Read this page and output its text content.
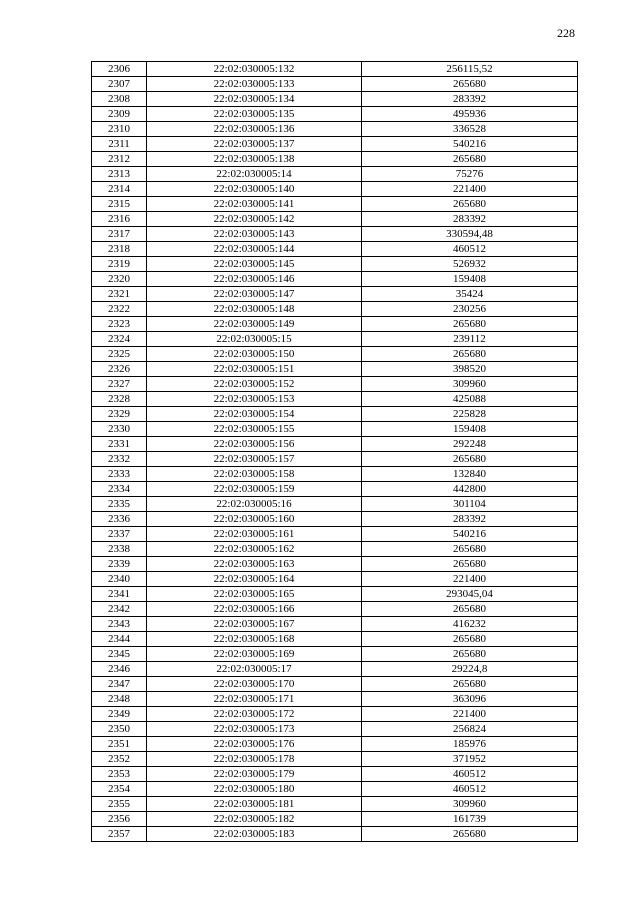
228
2306	22:02:030005:132	256115,52
2307	22:02:030005:133	265680
2308	22:02:030005:134	283392
2309	22:02:030005:135	495936
2310	22:02:030005:136	336528
2311	22:02:030005:137	540216
2312	22:02:030005:138	265680
2313	22:02:030005:14	75276
2314	22:02:030005:140	221400
2315	22:02:030005:141	265680
2316	22:02:030005:142	283392
2317	22:02:030005:143	330594,48
2318	22:02:030005:144	460512
2319	22:02:030005:145	526932
2320	22:02:030005:146	159408
2321	22:02:030005:147	35424
2322	22:02:030005:148	230256
2323	22:02:030005:149	265680
2324	22:02:030005:15	239112
2325	22:02:030005:150	265680
2326	22:02:030005:151	398520
2327	22:02:030005:152	309960
2328	22:02:030005:153	425088
2329	22:02:030005:154	225828
2330	22:02:030005:155	159408
2331	22:02:030005:156	292248
2332	22:02:030005:157	265680
2333	22:02:030005:158	132840
2334	22:02:030005:159	442800
2335	22:02:030005:16	301104
2336	22:02:030005:160	283392
2337	22:02:030005:161	540216
2338	22:02:030005:162	265680
2339	22:02:030005:163	265680
2340	22:02:030005:164	221400
2341	22:02:030005:165	293045,04
2342	22:02:030005:166	265680
2343	22:02:030005:167	416232
2344	22:02:030005:168	265680
2345	22:02:030005:169	265680
2346	22:02:030005:17	29224,8
2347	22:02:030005:170	265680
2348	22:02:030005:171	363096
2349	22:02:030005:172	221400
2350	22:02:030005:173	256824
2351	22:02:030005:176	185976
2352	22:02:030005:178	371952
2353	22:02:030005:179	460512
2354	22:02:030005:180	460512
2355	22:02:030005:181	309960
2356	22:02:030005:182	161739
2357	22:02:030005:183	265680
